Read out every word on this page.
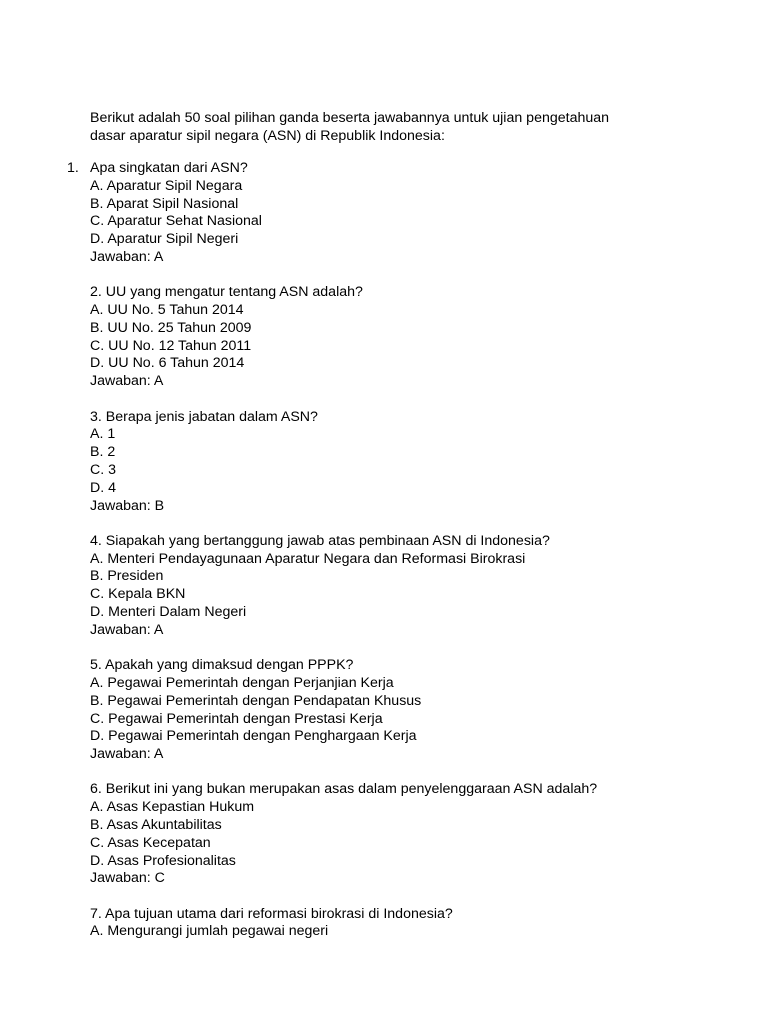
Berikut adalah 50 soal pilihan ganda beserta jawabannya untuk ujian pengetahuan
dasar aparatur sipil negara (ASN) di Republik Indonesia:
Apa singkatan dari ASN?
1.
A. Aparatur Sipil Negara
B. Aparat Sipil Nasional
C. Aparatur Sehat Nasional
D. Aparatur Sipil Negeri
Jawaban: A
2. UU yang mengatur tentang ASN adalah?
A. UU No. 5 Tahun 2014
B. UU No. 25 Tahun 2009
C. UU No. 12 Tahun 2011
D. UU No. 6 Tahun 2014
Jawaban: A
3. Berapa jenis jabatan dalam ASN?
A. 1
B. 2
C. 3
D. 4
Jawaban: B
4. Siapakah yang bertanggung jawab atas pembinaan ASN di Indonesia?
A. Menteri Pendayagunaan Aparatur Negara dan Reformasi Birokrasi
B. Presiden
C. Kepala BKN
D. Menteri Dalam Negeri
Jawaban: A
5. Apakah yang dimaksud dengan PPPK?
A. Pegawai Pemerintah dengan Perjanjian Kerja
B. Pegawai Pemerintah dengan Pendapatan Khusus
C. Pegawai Pemerintah dengan Prestasi Kerja
D. Pegawai Pemerintah dengan Penghargaan Kerja
Jawaban: A
6. Berikut ini yang bukan merupakan asas dalam penyelenggaraan ASN adalah?
A. Asas Kepastian Hukum
B. Asas Akuntabilitas
C. Asas Kecepatan
D. Asas Profesionalitas
Jawaban: C
7. Apa tujuan utama dari reformasi birokrasi di Indonesia?
A. Mengurangi jumlah pegawai negeri
